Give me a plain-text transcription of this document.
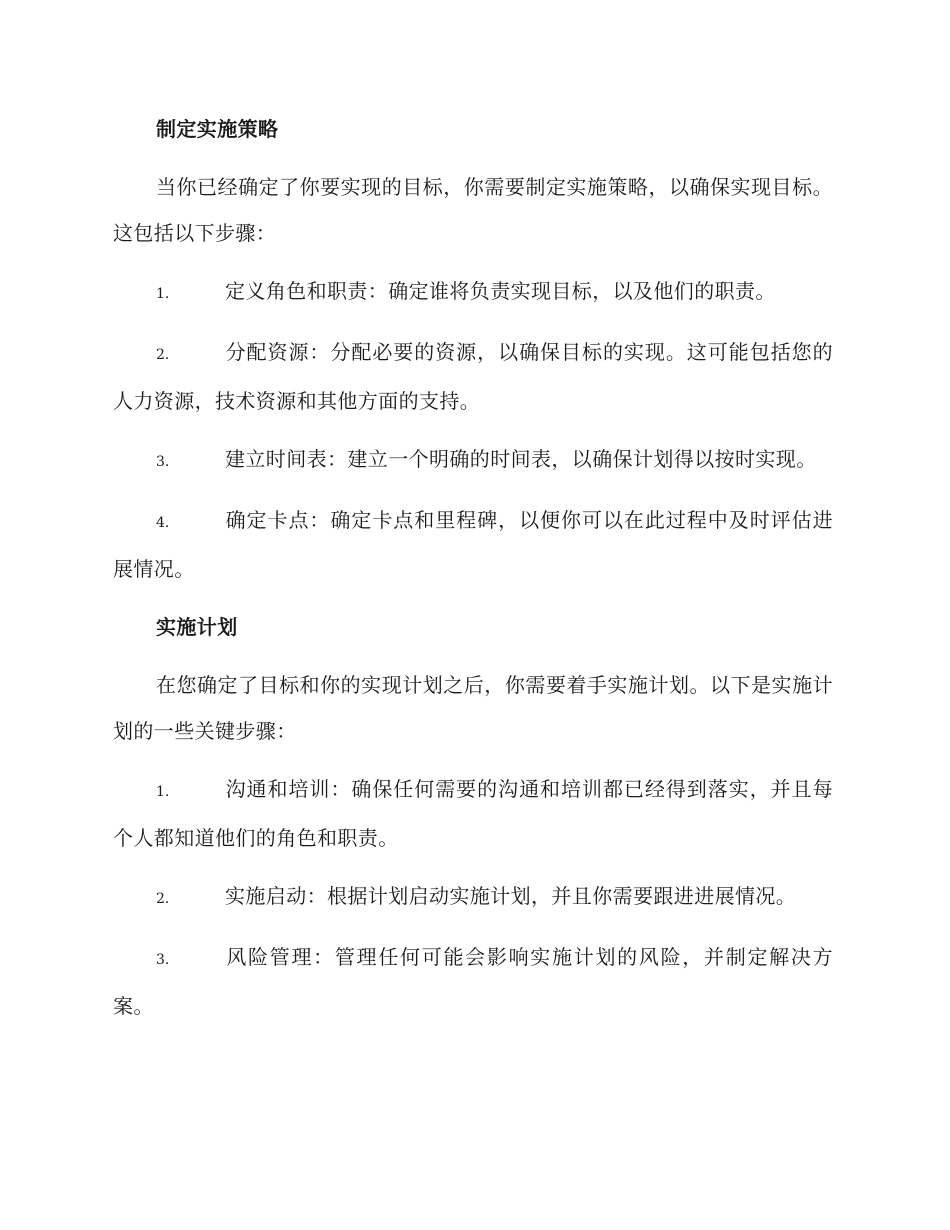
制定实施策略

当你已经确定了你要实现的目标，你需要制定实施策略，以确保实现目标。这包括以下步骤：

1.	定义角色和职责：确定谁将负责实现目标，以及他们的职责。

2.	分配资源：分配必要的资源，以确保目标的实现。这可能包括您的人力资源，技术资源和其他方面的支持。

3.	建立时间表：建立一个明确的时间表，以确保计划得以按时实现。

4.	确定卡点：确定卡点和里程碑，以便你可以在此过程中及时评估进展情况。

实施计划

在您确定了目标和你的实现计划之后，你需要着手实施计划。以下是实施计划的一些关键步骤：

1.	沟通和培训：确保任何需要的沟通和培训都已经得到落实，并且每个人都知道他们的角色和职责。

2.	实施启动：根据计划启动实施计划，并且你需要跟进进展情况。

3.	风险管理：管理任何可能会影响实施计划的风险，并制定解决方案。
